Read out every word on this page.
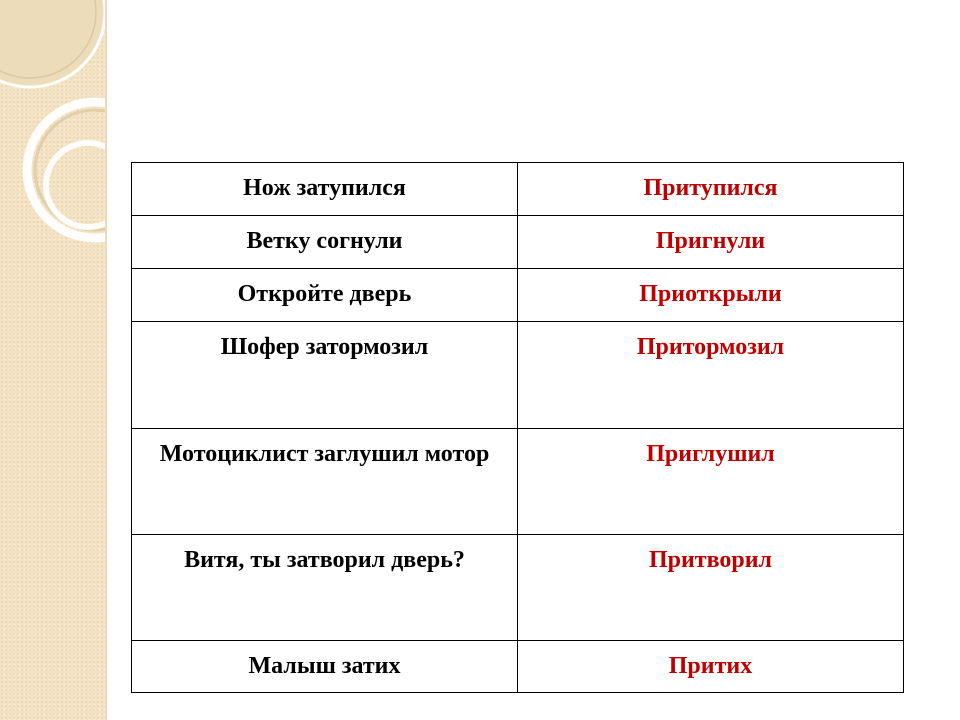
Нож затупился	Притупился
Ветку согнули	Пригнули
Откройте дверь	Приоткрыли
Шофер затормозил	Притормозил
Мотоциклист заглушил мотор	Приглушил
Витя, ты затворил дверь?	Притворил
Малыш затих	Притих
